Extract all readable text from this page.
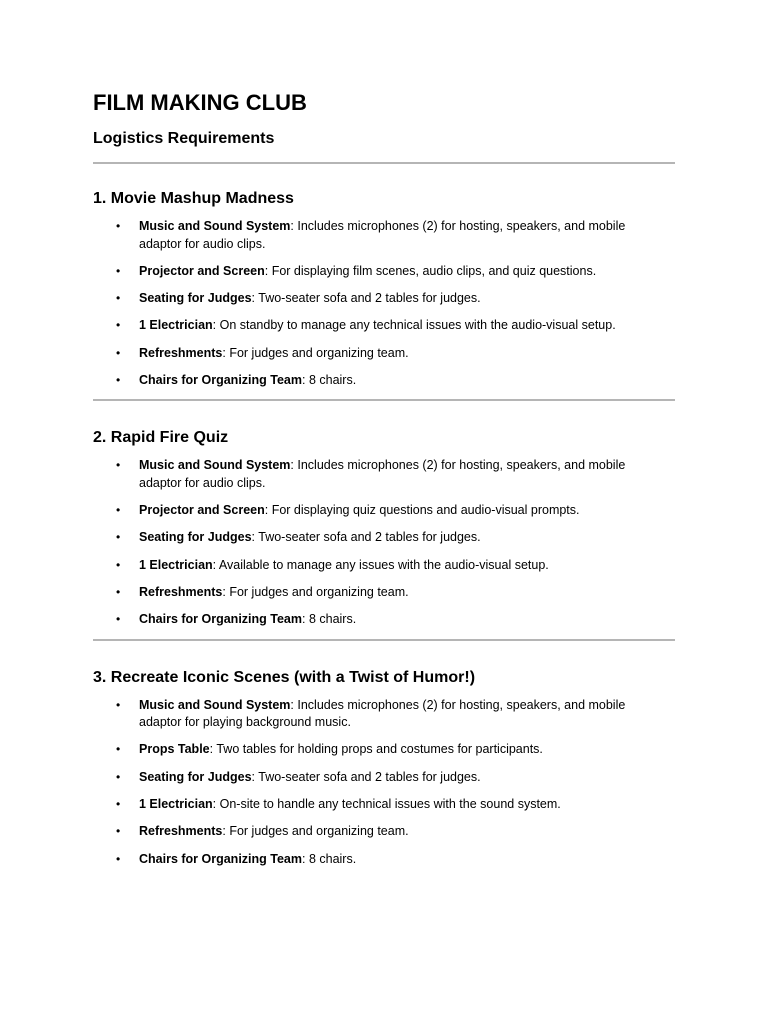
FILM MAKING CLUB
Logistics Requirements
1. Movie Mashup Madness
• Music and Sound System: Includes microphones (2) for hosting, speakers, and mobile adaptor for audio clips.
• Projector and Screen: For displaying film scenes, audio clips, and quiz questions.
• Seating for Judges: Two-seater sofa and 2 tables for judges.
• 1 Electrician: On standby to manage any technical issues with the audio-visual setup.
• Refreshments: For judges and organizing team.
• Chairs for Organizing Team: 8 chairs.
2. Rapid Fire Quiz
• Music and Sound System: Includes microphones (2) for hosting, speakers, and mobile adaptor for audio clips.
• Projector and Screen: For displaying quiz questions and audio-visual prompts.
• Seating for Judges: Two-seater sofa and 2 tables for judges.
• 1 Electrician: Available to manage any issues with the audio-visual setup.
• Refreshments: For judges and organizing team.
• Chairs for Organizing Team: 8 chairs.
3. Recreate Iconic Scenes (with a Twist of Humor!)
• Music and Sound System: Includes microphones (2) for hosting, speakers, and mobile adaptor for playing background music.
• Props Table: Two tables for holding props and costumes for participants.
• Seating for Judges: Two-seater sofa and 2 tables for judges.
• 1 Electrician: On-site to handle any technical issues with the sound system.
• Refreshments: For judges and organizing team.
• Chairs for Organizing Team: 8 chairs.
